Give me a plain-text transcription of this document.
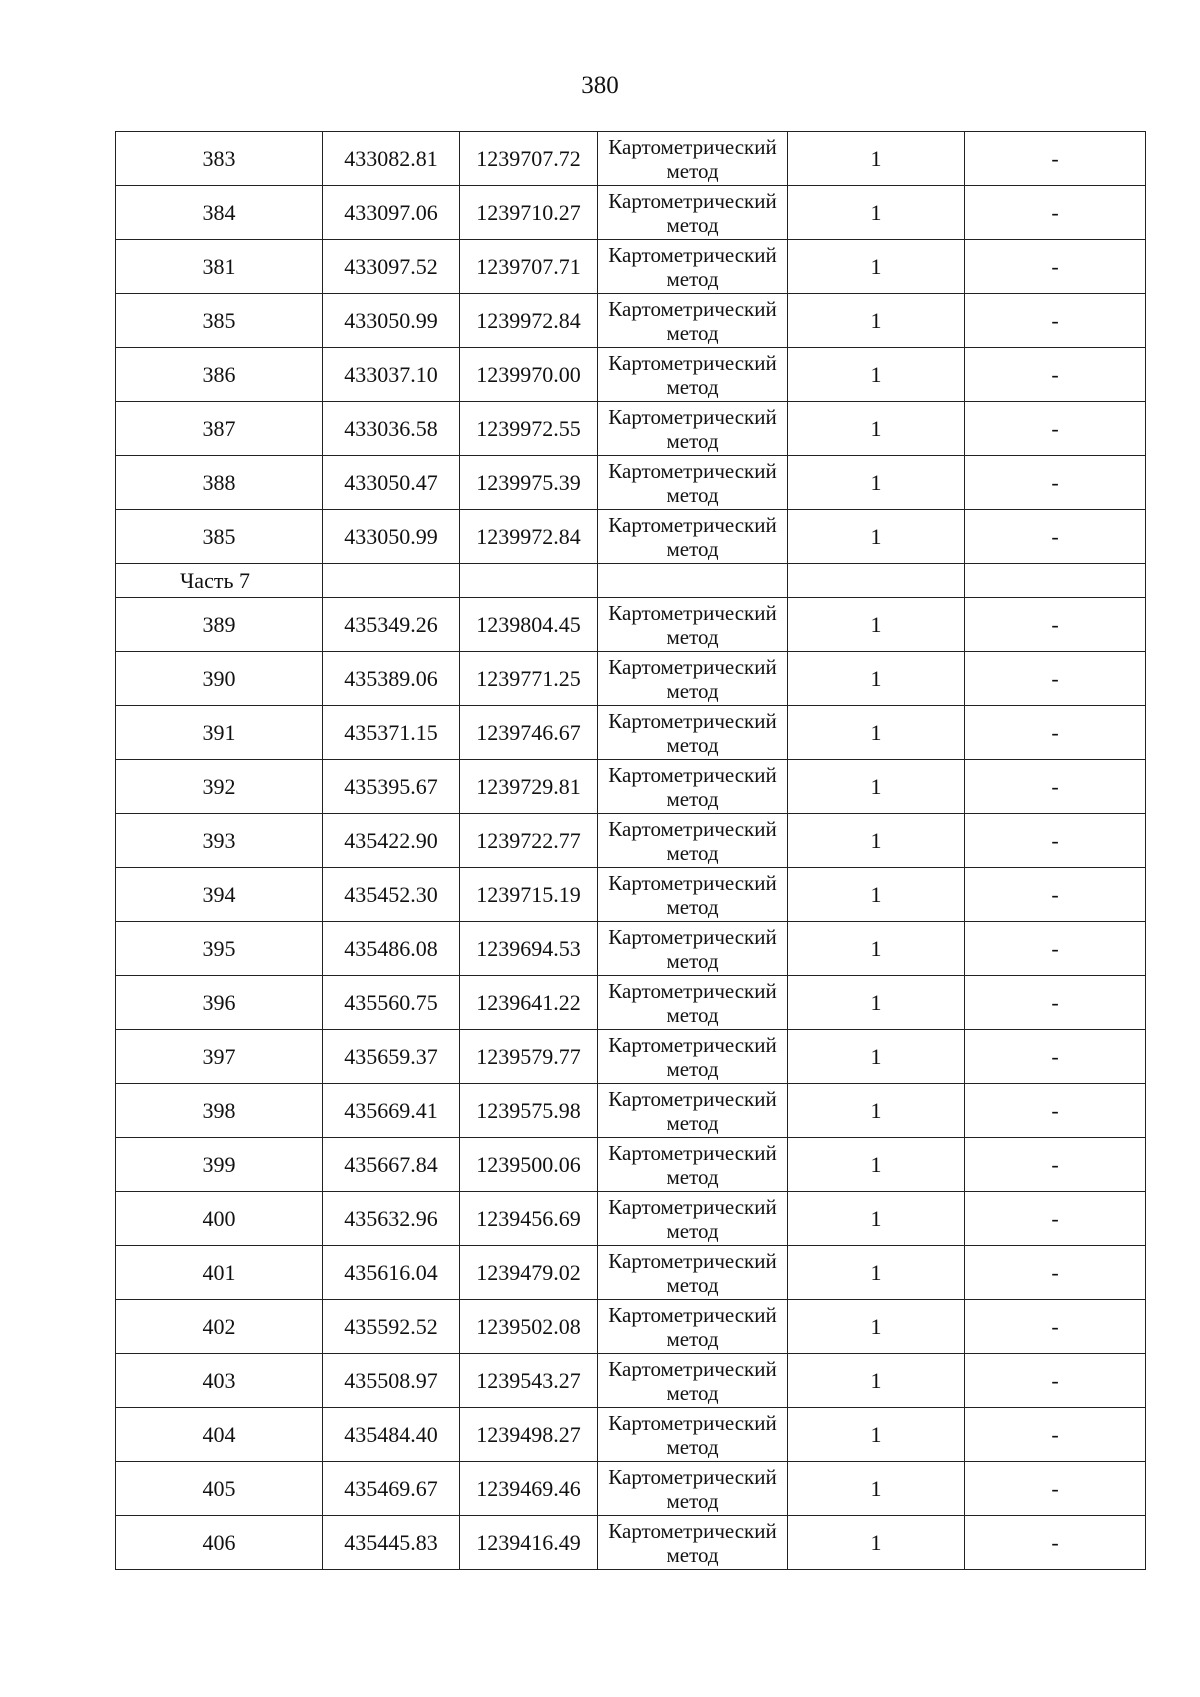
380
383	433082.81	1239707.72	Картометрический метод	1	-
384	433097.06	1239710.27	Картометрический метод	1	-
381	433097.52	1239707.71	Картометрический метод	1	-
385	433050.99	1239972.84	Картометрический метод	1	-
386	433037.10	1239970.00	Картометрический метод	1	-
387	433036.58	1239972.55	Картометрический метод	1	-
388	433050.47	1239975.39	Картометрический метод	1	-
385	433050.99	1239972.84	Картометрический метод	1	-
Часть 7					
389	435349.26	1239804.45	Картометрический метод	1	-
390	435389.06	1239771.25	Картометрический метод	1	-
391	435371.15	1239746.67	Картометрический метод	1	-
392	435395.67	1239729.81	Картометрический метод	1	-
393	435422.90	1239722.77	Картометрический метод	1	-
394	435452.30	1239715.19	Картометрический метод	1	-
395	435486.08	1239694.53	Картометрический метод	1	-
396	435560.75	1239641.22	Картометрический метод	1	-
397	435659.37	1239579.77	Картометрический метод	1	-
398	435669.41	1239575.98	Картометрический метод	1	-
399	435667.84	1239500.06	Картометрический метод	1	-
400	435632.96	1239456.69	Картометрический метод	1	-
401	435616.04	1239479.02	Картометрический метод	1	-
402	435592.52	1239502.08	Картометрический метод	1	-
403	435508.97	1239543.27	Картометрический метод	1	-
404	435484.40	1239498.27	Картометрический метод	1	-
405	435469.67	1239469.46	Картометрический метод	1	-
406	435445.83	1239416.49	Картометрический метод	1	-
